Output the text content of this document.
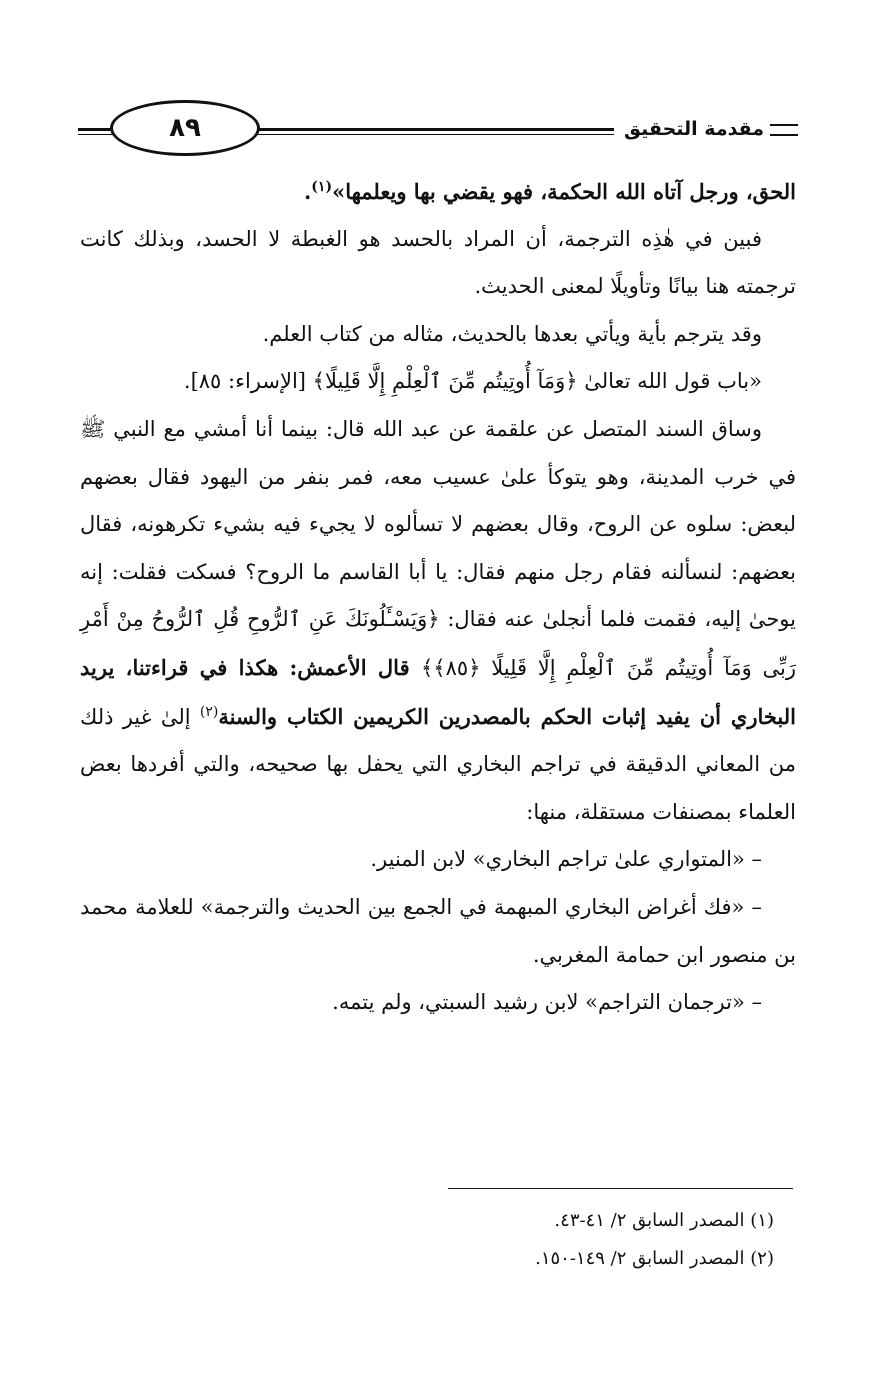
مقدمة التحقيق
٨٩

الحق، ورجل آتاه الله الحكمة، فهو يقضي بها ويعلمها»$^{(١)}$.

فبين في هٰذِه الترجمة، أن المراد بالحسد هو الغبطة لا الحسد، وبذلك كانت ترجمته هنا بيانًا وتأويلًا لمعنى الحديث.

وقد يترجم بأية ويأتي بعدها بالحديث، مثاله من كتاب العلم.

«باب قول الله تعالىٰ ﴿وَمَآ أُوتِيتُم مِّنَ ٱلْعِلْمِ إِلَّا قَلِيلًا﴾ [الإسراء: ٨٥].

وساق السند المتصل عن علقمة عن عبد الله قال: بينما أنا أمشي مع النبي ﷺ في خرب المدينة، وهو يتوكأ علىٰ عسيب معه، فمر بنفر من اليهود فقال بعضهم لبعض: سلوه عن الروح، وقال بعضهم لا تسألوه لا يجيء فيه بشيء تكرهونه، فقال بعضهم: لنسألنه فقام رجل منهم فقال: يا أبا القاسم ما الروح؟ فسكت فقلت: إنه يوحىٰ إليه، فقمت فلما أنجلىٰ عنه فقال: ﴿وَيَسْـَٔلُونَكَ عَنِ ٱلرُّوحِ قُلِ ٱلرُّوحُ مِنْ أَمْرِ رَبِّى وَمَآ أُوتِيتُم مِّنَ ٱلْعِلْمِ إِلَّا قَلِيلًا ﴿٨٥﴾﴾ قال الأعمش: هكذا في قراءتنا، يريد البخاري أن يفيد إثبات الحكم بالمصدرين الكريمين الكتاب والسنة$^{(٢)}$ إلىٰ غير ذلك من المعاني الدقيقة في تراجم البخاري التي يحفل بها صحيحه، والتي أفردها بعض العلماء بمصنفات مستقلة، منها:

– «المتواري علىٰ تراجم البخاري» لابن المنير.

– «فك أغراض البخاري المبهمة في الجمع بين الحديث والترجمة» للعلامة محمد بن منصور ابن حمامة المغربي.

– «ترجمان التراجم» لابن رشيد السبتي، ولم يتمه.

(١) المصدر السابق ٢/ ٤١-٤٣.

(٢) المصدر السابق ٢/ ١٤٩-١٥٠.
